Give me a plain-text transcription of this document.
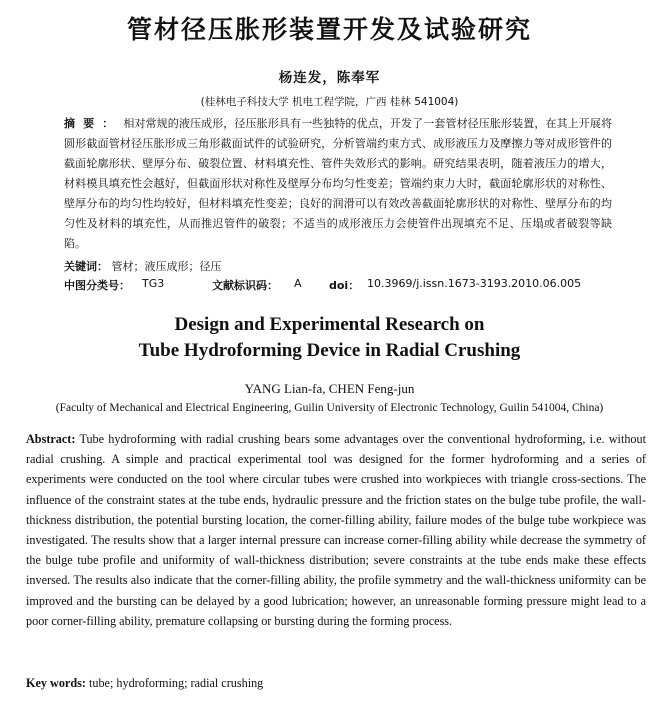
管材径压胀形装置开发及试验研究
杨连发，陈奉军
(桂林电子科技大学 机电工程学院，广西 桂林 541004)
摘要： 相对常规的液压成形，径压胀形具有一些独特的优点，开发了一套管材径压胀形装置，在其上开展将圆形截面管材径压胀形成三角形截面试件的试验研究，分析管端约束方式、成形液压力及摩擦力等对成形管件的截面轮廓形状、壁厚分布、破裂位置、材料填充性、管件失效形式的影响。研究结果表明，随着液压力的增大，材料模具填充性会越好，但截面形状对称性及壁厚分布均匀性变差；管端约束力大时，截面轮廓形状的对称性、壁厚分布的均匀性均较好，但材料填充性变差；良好的润滑可以有效改善截面轮廓形状的对称性、壁厚分布的均匀性及材料的填充性，从而推迟管件的破裂；不适当的成形液压力会使管件出现填充不足、压塌或者破裂等缺陷。
关键词： 管材；液压成形；径压
中图分类号： TG3	文献标识码： A doi： 10.3969/j.issn.1673-3193.2010.06.005
Design and Experimental Research on
Tube Hydroforming Device in Radial Crushing
YANG Lian-fa, CHEN Feng-jun
(Faculty of Mechanical and Electrical Engineering, Guilin University of Electronic Technology, Guilin 541004, China)
Abstract: Tube hydroforming with radial crushing bears some advantages over the conventional hydroforming, i.e. without radial crushing. A simple and practical experimental tool was designed for the former hydroforming and a series of experiments were conducted on the tool where circular tubes were crushed into workpieces with triangle cross-sections. The influence of the constraint states at the tube ends, hydraulic pressure and the friction states on the bulge tube profile, the wall-thickness distribution, the potential bursting location, the corner-filling ability, failure modes of the bulge tube workpiece was investigated. The results show that a larger internal pressure can increase corner-filling ability while decrease the symmetry of the bulge tube profile and uniformity of wall-thickness distribution; severe constraints at the tube ends make these effects inversed. The results also indicate that the corner-filling ability, the profile symmetry and the wall-thickness uniformity can be improved and the bursting can be delayed by a good lubrication; however, an unreasonable forming pressure might lead to a poor corner-filling ability, premature collapsing or bursting during the forming process.
Key words: tube; hydroforming; radial crushing
